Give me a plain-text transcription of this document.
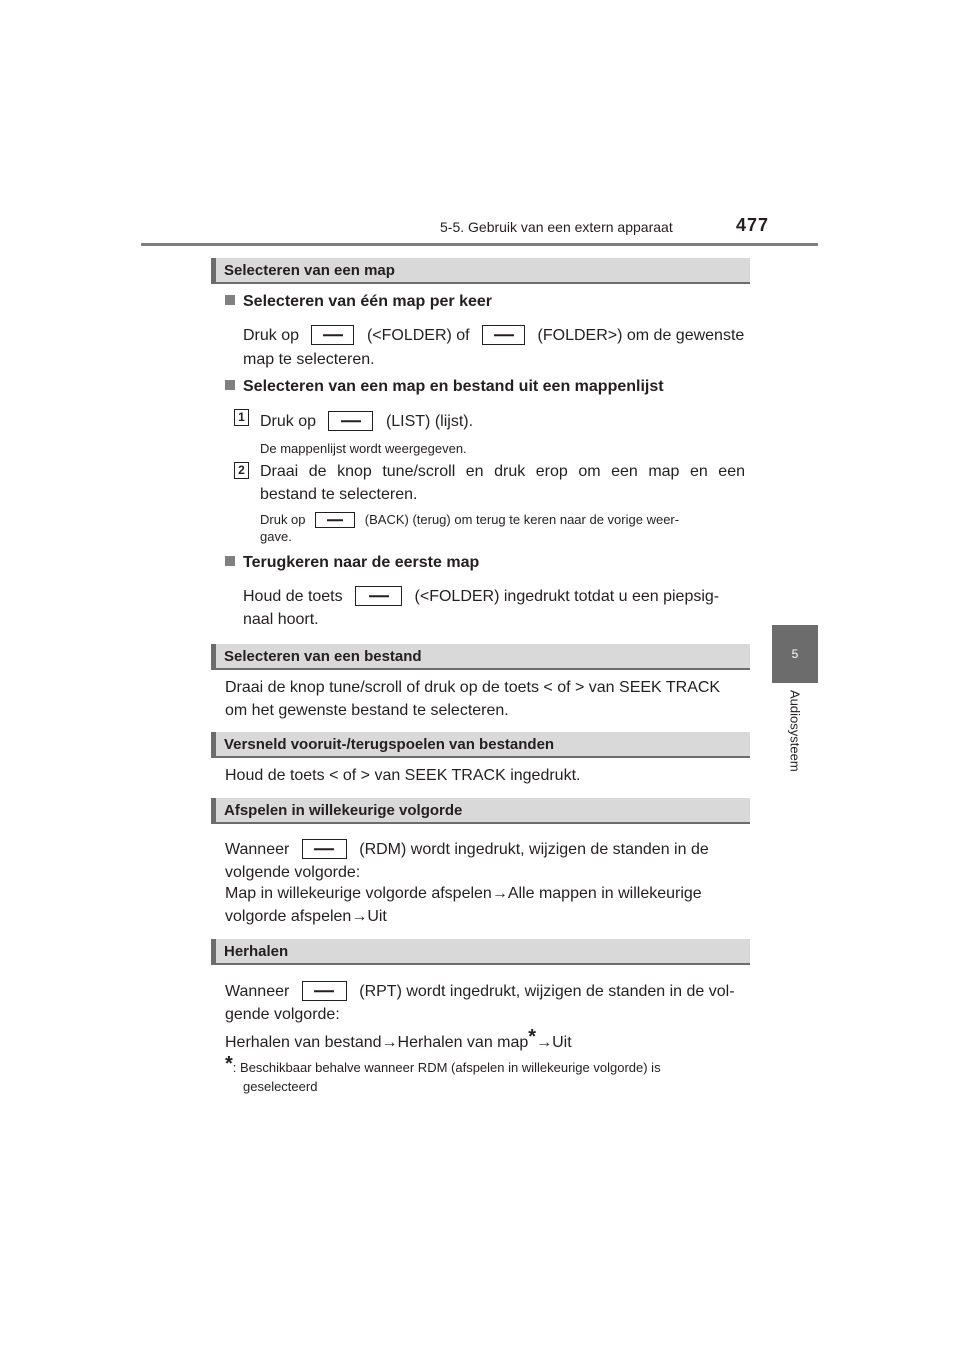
5-5. Gebruik van een extern apparaat	477
5
Audiosysteem
Selecteren van een map
Selecteren van één map per keer
Druk op	(<FOLDER) of	(FOLDER>) om de gewenste
map te selecteren.
Selecteren van een map en bestand uit een mappenlijst
1 Druk op	(LIST) (lijst).
De mappenlijst wordt weergegeven.
2 Draai de knop tune/scroll en druk erop om een map en een
bestand te selecteren.
Druk op	(BACK) (terug) om terug te keren naar de vorige weer-
gave.
Terugkeren naar de eerste map
Houd de toets	(<FOLDER) ingedrukt totdat u een piepsig-
naal hoort.
Selecteren van een bestand
Draai de knop tune/scroll of druk op de toets < of > van SEEK TRACK
om het gewenste bestand te selecteren.
Versneld vooruit-/terugspoelen van bestanden
Houd de toets < of > van SEEK TRACK ingedrukt.
Afspelen in willekeurige volgorde
Wanneer	(RDM) wordt ingedrukt, wijzigen de standen in de
volgende volgorde:
Map in willekeurige volgorde afspelen→Alle mappen in willekeurige
volgorde afspelen→Uit
Herhalen
Wanneer	(RPT) wordt ingedrukt, wijzigen de standen in de vol-
gende volgorde:
Herhalen van bestand→Herhalen van map*→Uit
*: Beschikbaar behalve wanneer RDM (afspelen in willekeurige volgorde) is
geselecteerd
